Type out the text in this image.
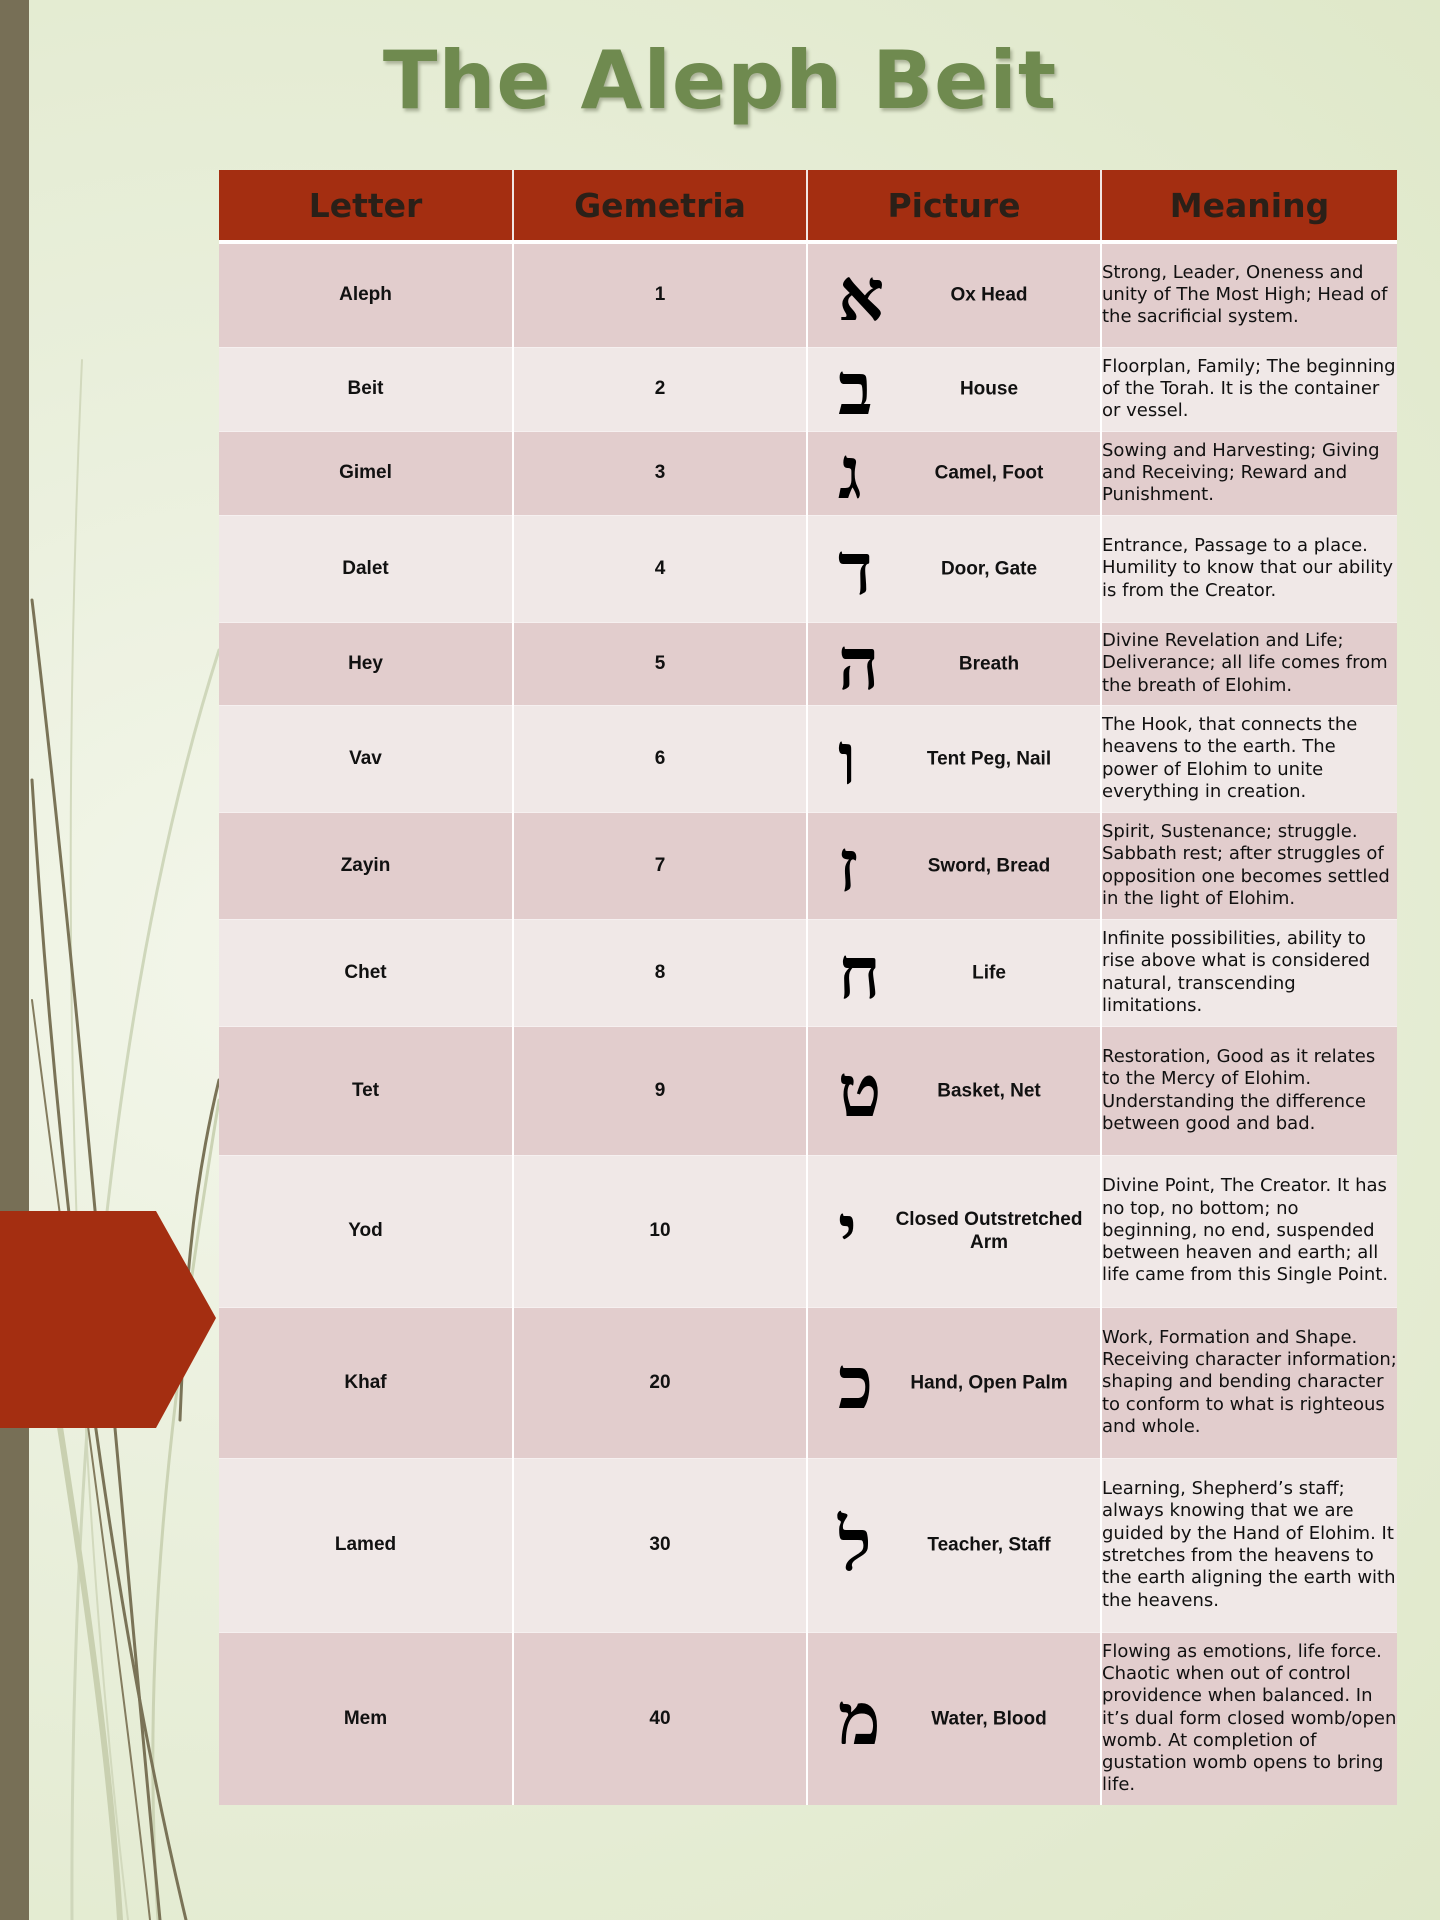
The Aleph Beit
Letter	Gemetria	Picture	Meaning
Aleph	1	א Ox Head	Strong, Leader, Oneness and unity of The Most High; Head of the sacrificial system.
Beit	2	ב House	Floorplan, Family; The beginning of the Torah. It is the container or vessel.
Gimel	3	ג Camel, Foot	Sowing and Harvesting; Giving and Receiving; Reward and Punishment.
Dalet	4	ד Door, Gate	Entrance, Passage to a place. Humility to know that our ability is from the Creator.
Hey	5	ה Breath	Divine Revelation and Life; Deliverance; all life comes from the breath of Elohim.
Vav	6	ו Tent Peg, Nail	The Hook, that connects the heavens to the earth. The power of Elohim to unite everything in creation.
Zayin	7	ז Sword, Bread	Spirit, Sustenance; struggle. Sabbath rest; after struggles of opposition one becomes settled in the light of Elohim.
Chet	8	ח Life	Infinite possibilities, ability to rise above what is considered natural, transcending limitations.
Tet	9	ט Basket, Net	Restoration, Good as it relates to the Mercy of Elohim. Understanding the difference between good and bad.
Yod	10	י Closed Outstretched Arm	Divine Point, The Creator. It has no top, no bottom; no beginning, no end, suspended between heaven and earth; all life came from this Single Point.
Khaf	20	כ Hand, Open Palm	Work, Formation and Shape. Receiving character information; shaping and bending character to conform to what is righteous and whole.
Lamed	30	ל Teacher, Staff	Learning, Shepherd’s staff; always knowing that we are guided by the Hand of Elohim. It stretches from the heavens to the earth aligning the earth with the heavens.
Mem	40	מ Water, Blood	Flowing as emotions, life force. Chaotic when out of control providence when balanced. In it’s dual form closed womb/open womb. At completion of gustation womb opens to bring life.
